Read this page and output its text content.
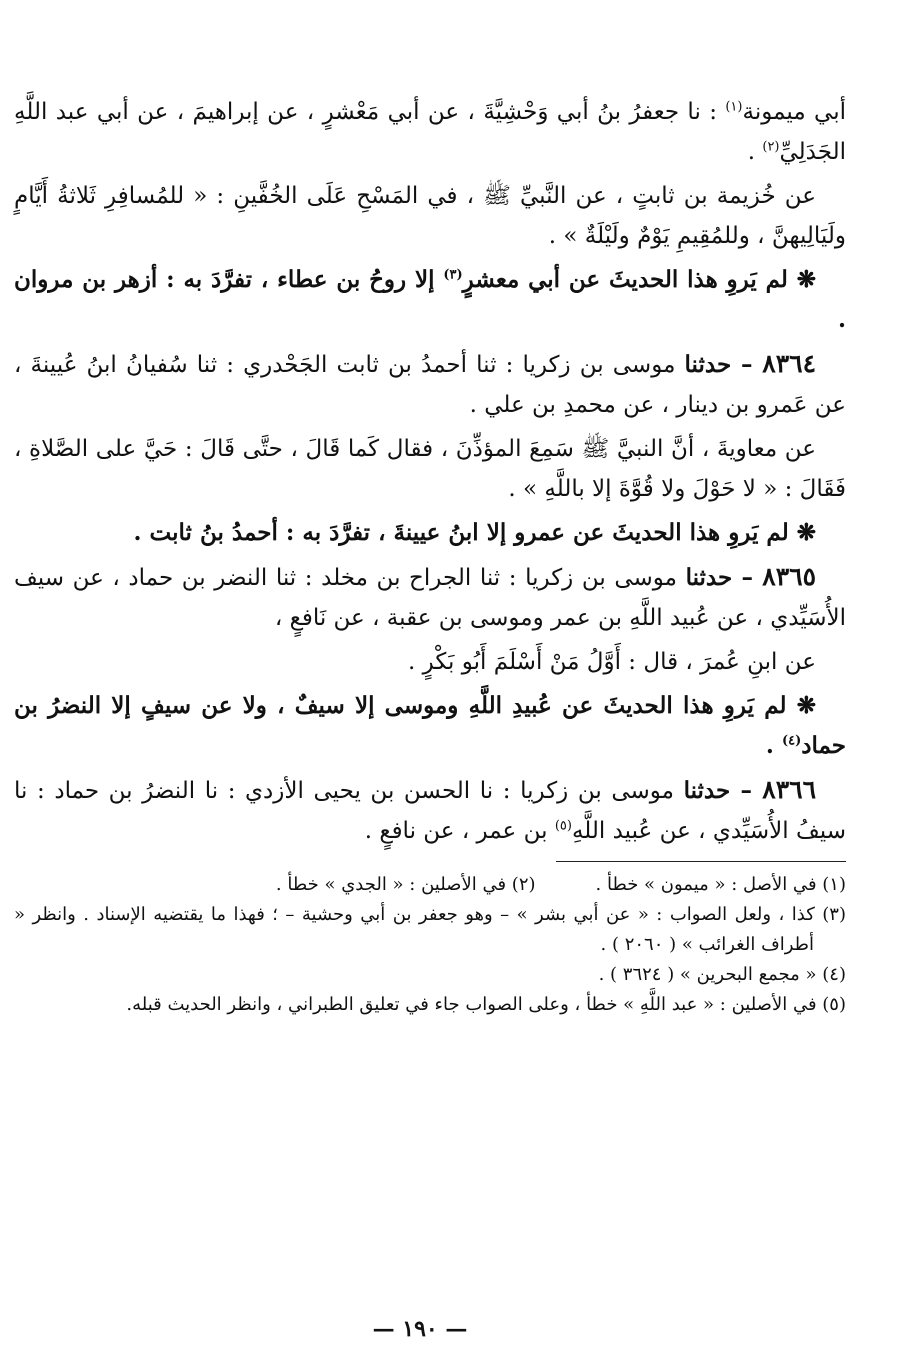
أبي ميمونة$^{(١)}$ : نا جعفرُ بنُ أبي وَحْشِيَّةَ ، عن أبي مَعْشرٍ ، عن إبراهيمَ ، عن أبي عبد اللَّهِ الجَدَلِيِّ$^{(٢)}$ .

عن خُزيمة بن ثابتٍ ، عن النَّبيِّ ﷺ ، في المَسْحِ عَلَى الخُفَّينِ : « للمُسافِرِ ثَلاثةُ أَيَّامٍ ولَيَالِيهنَّ ، وللمُقِيمِ يَوْمٌ ولَيْلَةٌ » .

❋ لم يَروِ هذا الحديثَ عن أبي معشرٍ$^{(٣)}$ إلا روحُ بن عطاء ، تفرَّدَ به : أزهر بن مروان .

٨٣٦٤ – حدثنا موسى بن زكريا : ثنا أحمدُ بن ثابت الجَحْدري : ثنا سُفيانُ ابنُ عُيينةَ ، عن عَمرو بن دينار ، عن محمدِ بن علي .

عن معاويةَ ، أنَّ النبيَّ ﷺ سَمِعَ المؤذِّنَ ، فقال كَما قَالَ ، حتَّى قَالَ : حَيَّ على الصَّلاةِ ، فَقَالَ : « لا حَوْلَ ولا قُوَّةَ إلا باللَّهِ » .

❋ لم يَروِ هذا الحديثَ عن عمرو إلا ابنُ عيينةَ ، تفرَّدَ به : أحمدُ بنُ ثابت .

٨٣٦٥ – حدثنا موسى بن زكريا : ثنا الجراح بن مخلد : ثنا النضر بن حماد ، عن سيف الأُسَيِّدي ، عن عُبيد اللَّهِ بن عمر وموسى بن عقبة ، عن نَافعٍ ،

عن ابنِ عُمرَ ، قال : أَوَّلُ مَنْ أَسْلَمَ أَبُو بَكْرٍ .

❋ لم يَروِ هذا الحديثَ عن عُبيدِ اللَّهِ وموسى إلا سيفٌ ، ولا عن سيفٍ إلا النضرُ بن حماد$^{(٤)}$ .

٨٣٦٦ – حدثنا موسى بن زكريا : نا الحسن بن يحيى الأزدي : نا النضرُ بن حماد : نا سيفُ الأُسَيِّدي ، عن عُبيد اللَّهِ$^{(٥)}$ بن عمر ، عن نافعٍ .

(١) في الأصل : « ميمون » خطأ .

(٢) في الأصلين : « الجدي » خطأ .

(٣) كذا ، ولعل الصواب : « عن أبي بشر » – وهو جعفر بن أبي وحشية – ؛ فهذا ما يقتضيه الإسناد . وانظر « أطراف الغرائب » ( ٢٠٦٠ ) .

(٤) « مجمع البحرين » ( ٣٦٢٤ ) .

(٥) في الأصلين : « عبد اللَّهِ » خطأ ، وعلى الصواب جاء في تعليق الطبراني ، وانظر الحديث قبله.

— ١٩٠ —
